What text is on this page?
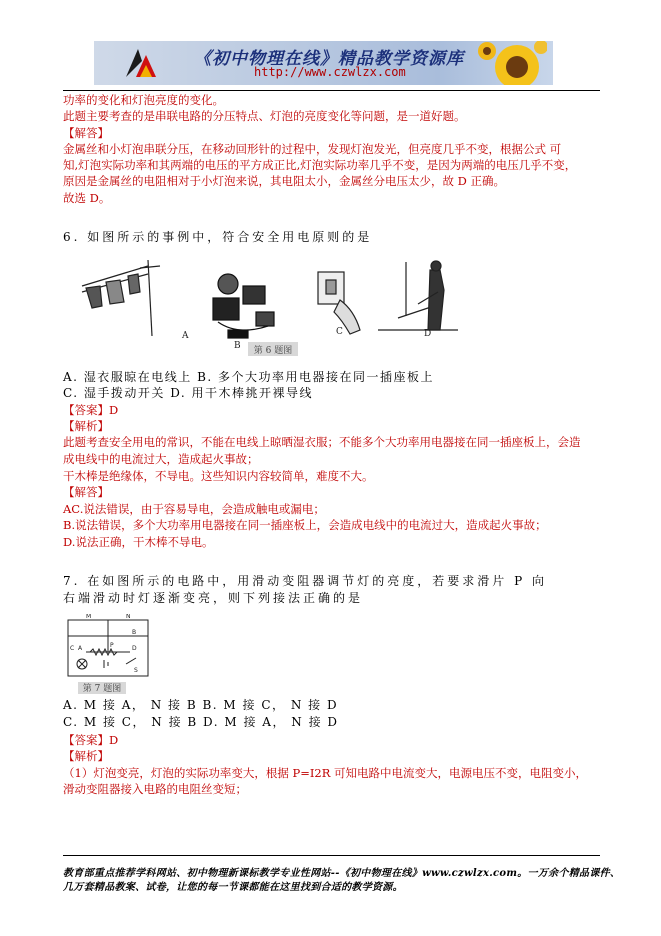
《初中物理在线》精品教学资源库
http://www.czwlzx.com
功率的变化和灯泡亮度的变化。
此题主要考查的是串联电路的分压特点、灯泡的亮度变化等问题，是一道好题。
【解答】
金属丝和小灯泡串联分压，在移动回形针的过程中，发现灯泡发光，但亮度几乎不变，根据公式 可
知,灯泡实际功率和其两端的电压的平方成正比,灯泡实际功率几乎不变，是因为两端的电压几乎不变，
原因是金属丝的电阻相对于小灯泡来说，其电阻太小，金属丝分电压太少，故 D 正确。
故选 D。
6. 如图所示的事例中，符合安全用电原则的是
A
B
C	D
第 6 题图
A. 湿衣服晾在电线上 B. 多个大功率用电器接在同一插座板上
C. 湿手拨动开关 D. 用干木棒挑开裸导线
【答案】D
【解析】
此题考查安全用电的常识，不能在电线上晾晒湿衣服；不能多个大功率用电器接在同一插座板上，会造
成电线中的电流过大，造成起火事故；
干木棒是绝缘体，不导电。这些知识内容较简单，难度不大。
【解答】
AC.说法错误，由于容易导电，会造成触电或漏电；
B.说法错误，多个大功率用电器接在同一插座板上，会造成电线中的电流过大，造成起火事故；
D.说法正确，干木棒不导电。
7. 在如图所示的电路中，用滑动变阻器调节灯的亮度，若要求滑片 P 向
右端滑动时灯逐渐变亮，则下列接法正确的是
M	N
P
A
B
C	D
S
第 7 题图
A. M 接 A， N 接 B B. M 接 C， N 接 D
C. M 接 C， N 接 B D. M 接 A， N 接 D
【答案】D
【解析】
（1）灯泡变亮，灯泡的实际功率变大，根据 P=I2R 可知电路中电流变大，电源电压不变，电阻变小，
滑动变阻器接入电路的电阻丝变短；
教育部重点推荐学科网站、初中物理新课标教学专业性网站--《初中物理在线》www.czwlzx.com。一万余个精品课件、
几万套精品教案、试卷，让您的每一节课都能在这里找到合适的教学资源。
